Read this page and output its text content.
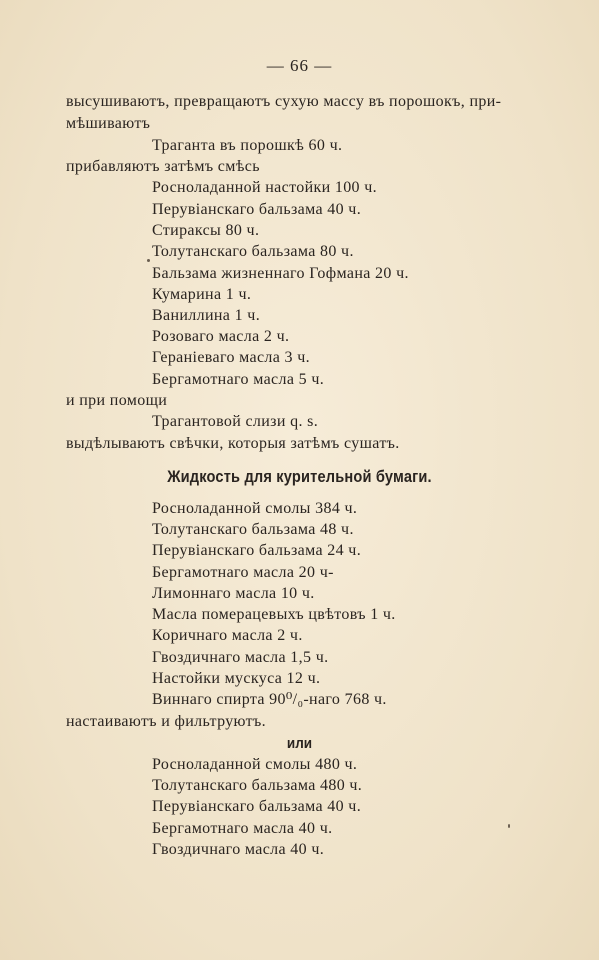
— 66 —
высушиваютъ, превращаютъ сухую массу въ порошокъ, при-
мѣшиваютъ
Траганта въ порошкѣ 60 ч.
прибавляютъ затѣмъ смѣсь
Росноладанной настойки 100 ч.
Перувіанскаго бальзама 40 ч.
Стираксы 80 ч.
Толутанскаго бальзама 80 ч.
Бальзама жизненнаго Гофмана 20 ч.
Кумарина 1 ч.
Ваниллина 1 ч.
Розоваго масла 2 ч.
Гераніеваго масла 3 ч.
Бергамотнаго масла 5 ч.
и при помощи
Трагантовой слизи q. s.
выдѣлываютъ свѣчки, которыя затѣмъ сушатъ.
Жидкость для курительной бумаги.
Росноладанной смолы 384 ч.
Толутанскаго бальзама 48 ч.
Перувіанскаго бальзама 24 ч.
Бергамотнаго масла 20 ч-
Лимоннаго масла 10 ч.
Масла померацевыхъ цвѣтовъ 1 ч.
Коричнаго масла 2 ч.
Гвоздичнаго масла 1,5 ч.
Настойки мускуса 12 ч.
Виннаго спирта 90⁰/₀-наго 768 ч.
настаиваютъ и фильтруютъ.
или
Росноладанной смолы 480 ч.
Толутанскаго бальзама 480 ч.
Перувіанскаго бальзама 40 ч.
Бергамотнаго масла 40 ч.
Гвоздичнаго масла 40 ч.
